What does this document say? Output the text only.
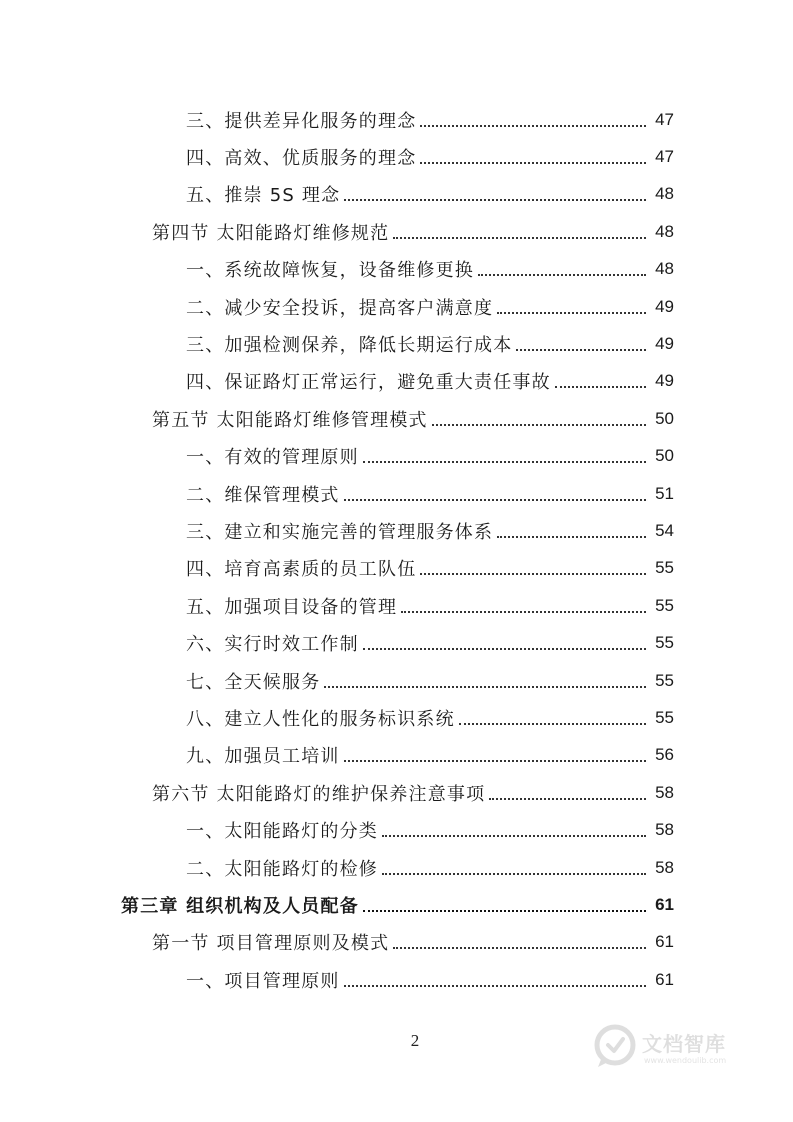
三、提供差异化服务的理念	47
四、高效、优质服务的理念	47
五、推崇 5S 理念	48
第四节 太阳能路灯维修规范	48
一、系统故障恢复，设备维修更换	48
二、减少安全投诉，提高客户满意度	49
三、加强检测保养，降低长期运行成本	49
四、保证路灯正常运行，避免重大责任事故	49
第五节 太阳能路灯维修管理模式	50
一、有效的管理原则	50
二、维保管理模式	51
三、建立和实施完善的管理服务体系	54
四、培育高素质的员工队伍	55
五、加强项目设备的管理	55
六、实行时效工作制	55
七、全天候服务	55
八、建立人性化的服务标识系统	55
九、加强员工培训	56
第六节 太阳能路灯的维护保养注意事项	58
一、太阳能路灯的分类	58
二、太阳能路灯的检修	58
第三章 组织机构及人员配备	61
第一节 项目管理原则及模式	61
一、项目管理原则	61
2	文档智库
www.wendoulib.com
